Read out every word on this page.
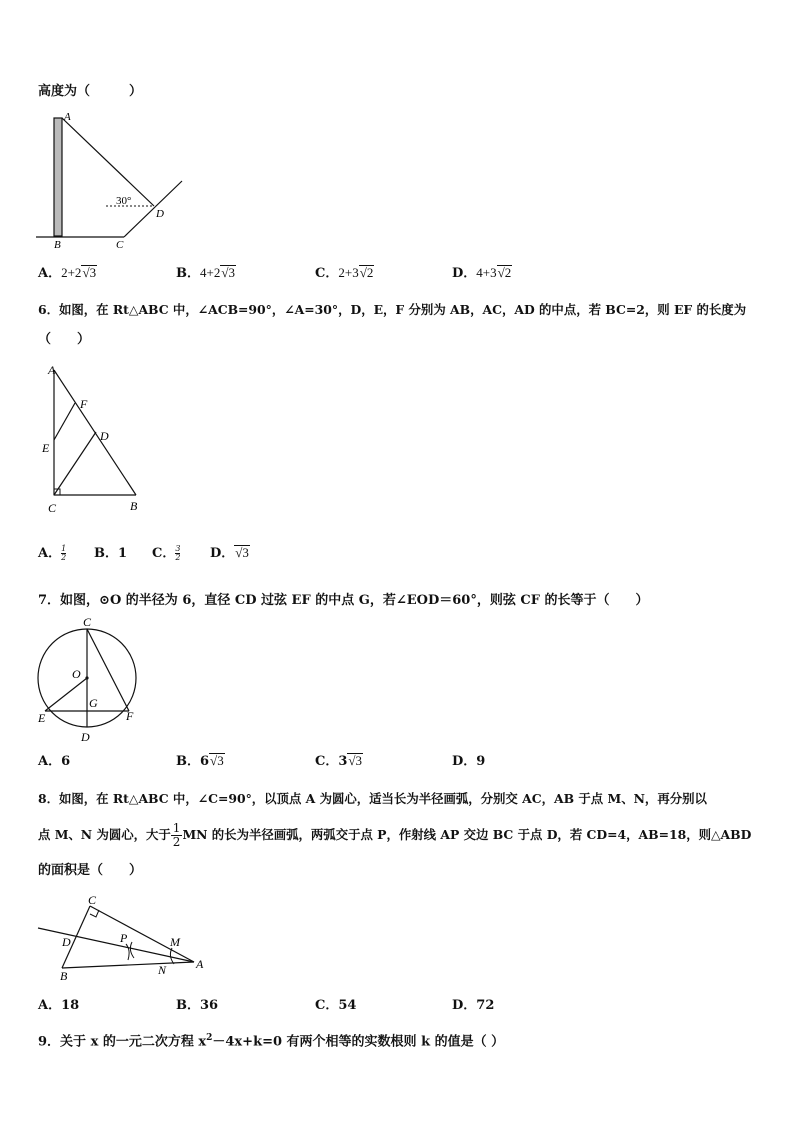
高度为（　　　）
A
B	C
D
30°
A．2+2√3	B．4+2√3	C．2+3√2	D．4+3√2
6．如图，在 Rt△ABC 中，∠ACB=90°，∠A=30°，D，E，F 分别为 AB，AC，AD 的中点，若 BC=2，则 EF 的长度为
（　　）
A
F
D
E
C	B
A． $\frac{1}{2}$ B．1 C． $\frac{3}{2}$ D．√3
7．如图，⊙O 的半径为 6，直径 CD 过弦 EF 的中点 G，若∠EOD＝60°，则弦 CF 的长等于（　　）
C
O
G
E	F
D
A．6	B．6√3	C．3√3	D．9
8．如图，在 Rt△ABC 中，∠C=90°，以顶点 A 为圆心，适当长为半径画弧，分别交 AC，AB 于点 M、N，再分别以
点 M、N 为圆心，大于 $\frac{1}{2}$ MN 的长为半径画弧，两弧交于点 P，作射线 AP 交边 BC 于点 D，若 CD=4，AB=18，则△ABD
的面积是（　　）
C
D	P	M
N
B
A
A．18	B．36	C．54	D．72
9．关于 x 的一元二次方程 $x^2-4x+k=0$ 有两个相等的实数根则 k 的值是（ ）
